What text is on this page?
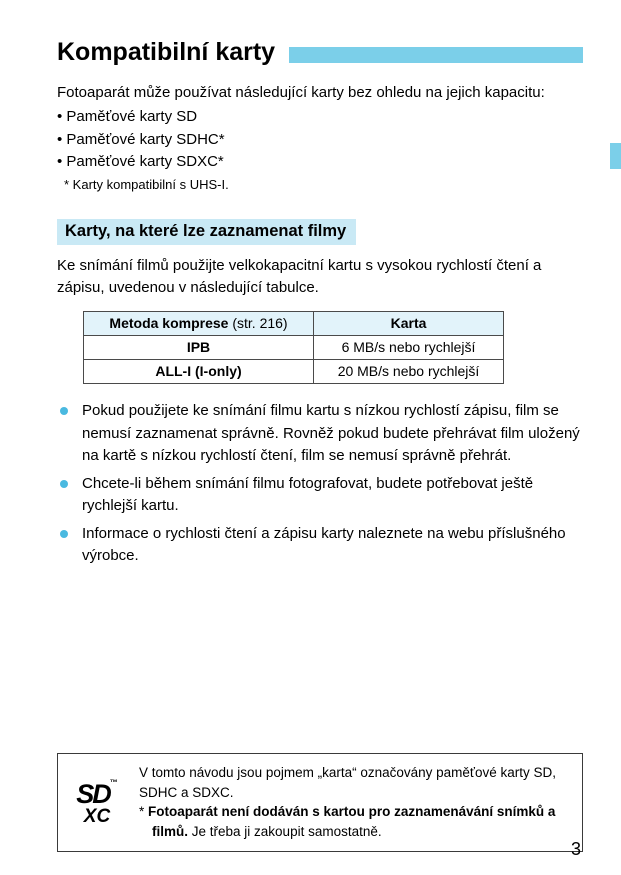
Kompatibilní karty

Fotoaparát může používat následující karty bez ohledu na jejich kapacitu:

• Paměťové karty SD
• Paměťové karty SDHC*
• Paměťové karty SDXC*

* Karty kompatibilní s UHS-I.

Karty, na které lze zaznamenat filmy

Ke snímání filmů použijte velkokapacitní kartu s vysokou rychlostí čtení a zápisu, uvedenou v následující tabulce.

Metoda komprese (str. 216)	Karta
IPB	6 MB/s nebo rychlejší
ALL-I (I-only)	20 MB/s nebo rychlejší
Pokud použijete ke snímání filmu kartu s nízkou rychlostí zápisu, film se nemusí zaznamenat správně. Rovněž pokud budete přehrávat film uložený na kartě s nízkou rychlostí čtení, film se nemusí správně přehrát.
Chcete-li během snímání filmu fotografovat, budete potřebovat ještě rychlejší kartu.
Informace o rychlosti čtení a zápisu karty naleznete na webu příslušného výrobce.
SD™
XC

V tomto návodu jsou pojmem „karta“ označovány paměťové karty SD, SDHC a SDXC.

* Fotoaparát není dodáván s kartou pro zaznamenávání snímků a filmů. Je třeba ji zakoupit samostatně.

3
